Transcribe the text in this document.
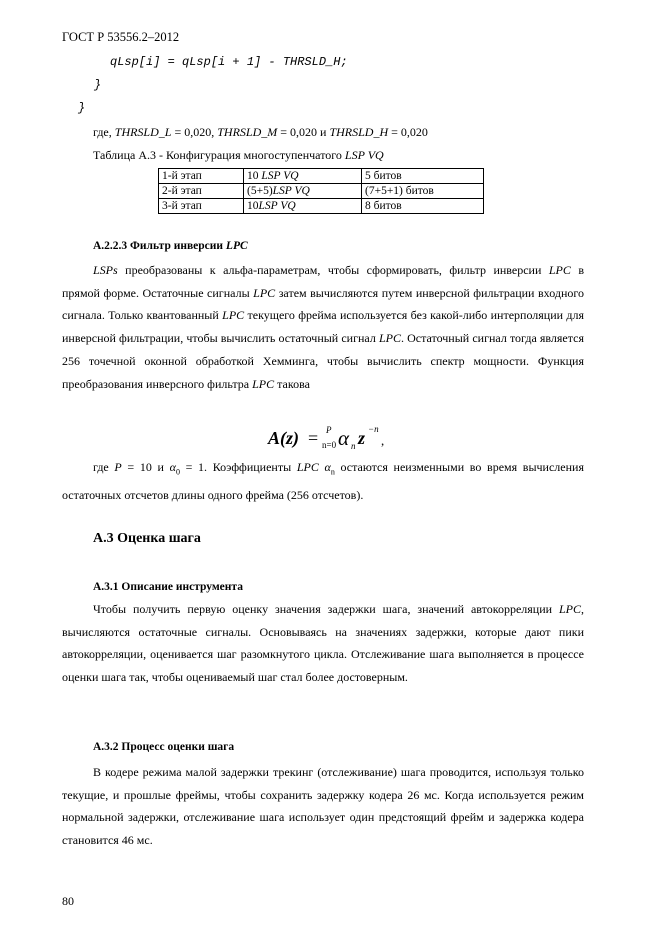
ГОСТ Р 53556.2–2012
qLsp[i] = qLsp[i + 1] - THRSLD_H;
}
}
где, THRSLD_L = 0,020, THRSLD_M = 0,020 и THRSLD_H = 0,020
Таблица А.3 - Конфигурация многоступенчатого LSP VQ
1-й этап	10 LSP VQ	5 битов
2-й этап	(5+5)LSP VQ	(7+5+1) битов
3-й этап	10LSP VQ	8 битов
А.2.2.3 Фильтр инверсии LPC

LSPs преобразованы к альфа-параметрам, чтобы сформировать, фильтр инверсии LPC в прямой форме. Остаточные сигналы LPC затем вычисляются путем инверсной фильтрации входного сигнала. Только квантованный LPC текущего фрейма используется без какой-либо интерполяции для инверсной фильтрации, чтобы вычислить остаточный сигнал LPC. Остаточный сигнал тогда является 256 точечной оконной обработкой Хемминга, чтобы вычислить спектр мощности. Функция преобразования инверсного фильтра LPC такова

A(z) = P
n=0 α n z −n
,

где P = 10 и $\alpha_0 = 1$. Коэффициенты LPC $\alpha_n$ остаются неизменными во время вычисления остаточных отсчетов длины одного фрейма (256 отсчетов).

А.3 Оценка шага
А.3.1 Описание инструмента

Чтобы получить первую оценку значения задержки шага, значений автокорреляции LPC, вычисляются остаточные сигналы. Основываясь на значениях задержки, которые дают пики автокорреляции, оценивается шаг разомкнутого цикла. Отслеживание шага выполняется в процессе оценки шага так, чтобы оцениваемый шаг стал более достоверным.

А.3.2 Процесс оценки шага

В кодере режима малой задержки трекинг (отслеживание) шага проводится, используя только текущие, и прошлые фреймы, чтобы сохранить задержку кодера 26 мс. Когда используется режим нормальной задержки, отслеживание шага использует один предстоящий фрейм и задержка кодера становится 46 мс.

80
